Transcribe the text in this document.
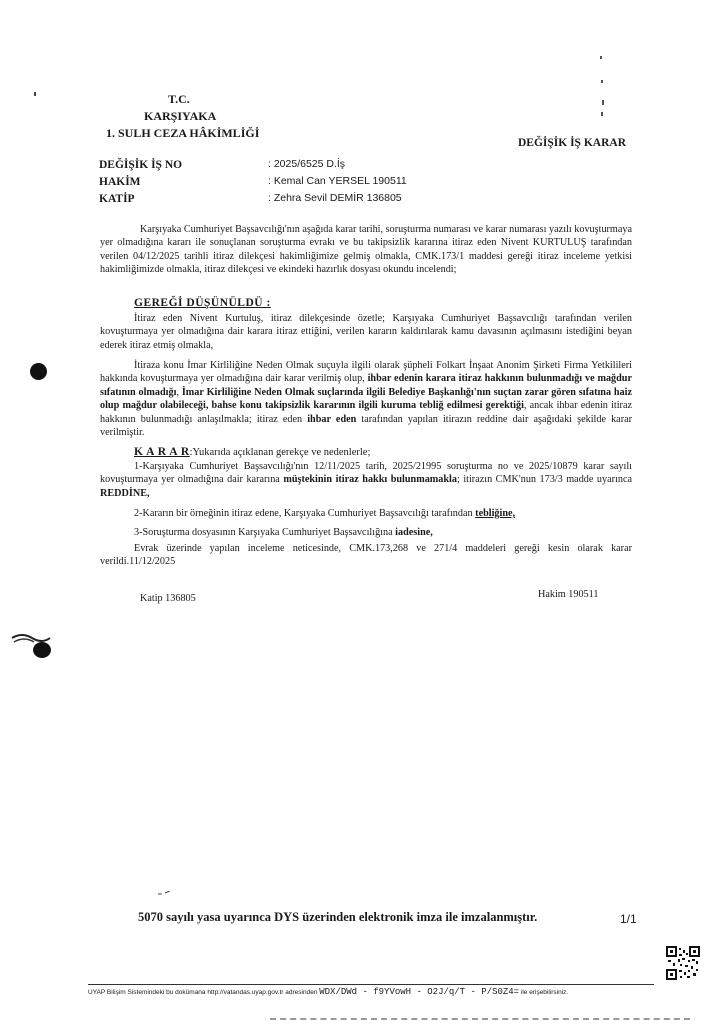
T.C.
KARŞIYAKA
1. SULH CEZA HÂKİMLİĞİ
DEĞİŞİK İŞ KARAR
DEĞİŞİK İŞ NO	: 2025/6525 D.İş
HAKİM	: Kemal Can YERSEL 190511
KATİP	: Zehra Sevil DEMİR 136805
Karşıyaka Cumhuriyet Başsavcılığı'nın aşağıda karar tarihi, soruşturma numarası ve karar numarası yazılı kovuşturmaya yer olmadığına kararı ile sonuçlanan soruşturma evrakı ve bu takipsizlik kararına itiraz eden Nivent KURTULUŞ tarafından verilen 04/12/2025 tarihli itiraz dilekçesi hakimliğimize gelmiş olmakla, CMK.173/1 maddesi gereği itiraz inceleme yetkisi hakimliğimizde olmakla, itiraz dilekçesi ve ekindeki hazırlık dosyası okundu incelendi;
GEREĞİ DÜŞÜNÜLDÜ :
İtiraz eden Nivent Kurtuluş, itiraz dilekçesinde özetle; Karşıyaka Cumhuriyet Başsavcılığı tarafından verilen kovuşturmaya yer olmadığına dair karara itiraz ettiğini, verilen kararın kaldırılarak kamu davasının açılmasını istediğini beyan ederek itiraz etmiş olmakla,
İtiraza konu İmar Kirliliğine Neden Olmak suçuyla ilgili olarak şüpheli Folkart İnşaat Anonim Şirketi Firma Yetkilileri hakkında kovuşturmaya yer olmadığına dair karar verilmiş olup, ihbar edenin karara itiraz hakkının bulunmadığı ve mağdur sıfatının olmadığı, İmar Kirliliğine Neden Olmak suçlarında ilgili Belediye Başkanlığı'nın suçtan zarar gören sıfatına haiz olup mağdur olabileceği, bahse konu takipsizlik kararının ilgili kuruma tebliğ edilmesi gerektiği, ancak ihbar edenin itiraz hakkının bulunmadığı anlaşılmakla; itiraz eden ihbar eden tarafından yapılan itirazın reddine dair aşağıdaki şekilde karar verilmiştir.
K A R A R:Yukarıda açıklanan gerekçe ve nedenlerle;
1-Karşıyaka Cumhuriyet Başsavcılığı'nın 12/11/2025 tarih, 2025/21995 soruşturma no ve 2025/10879 karar sayılı kovuşturmaya yer olmadığına dair kararına müştekinin itiraz hakkı bulunmamakla; itirazın CMK'nun 173/3 madde uyarınca REDDİNE,
2-Kararın bir örneğinin itiraz edene, Karşıyaka Cumhuriyet Başsavcılığı tarafından tebliğine,
3-Soruşturma dosyasının Karşıyaka Cumhuriyet Başsavcılığına iadesine,
Evrak üzerinde yapılan inceleme neticesinde, CMK.173,268 ve 271/4 maddeleri gereği kesin olarak karar verildi.11/12/2025
Katip 136805	Hakim 190511
5070 sayılı yasa uyarınca DYS üzerinden elektronik imza ile imzalanmıştır.	1/1
UYAP Bilişim Sistemindeki bu dokümana http://vatandas.uyap.gov.tr adresinden WDX/DWd - f9YVowH - O2J/q/T - P/S0Z4= ile erişebilirsiniz.
